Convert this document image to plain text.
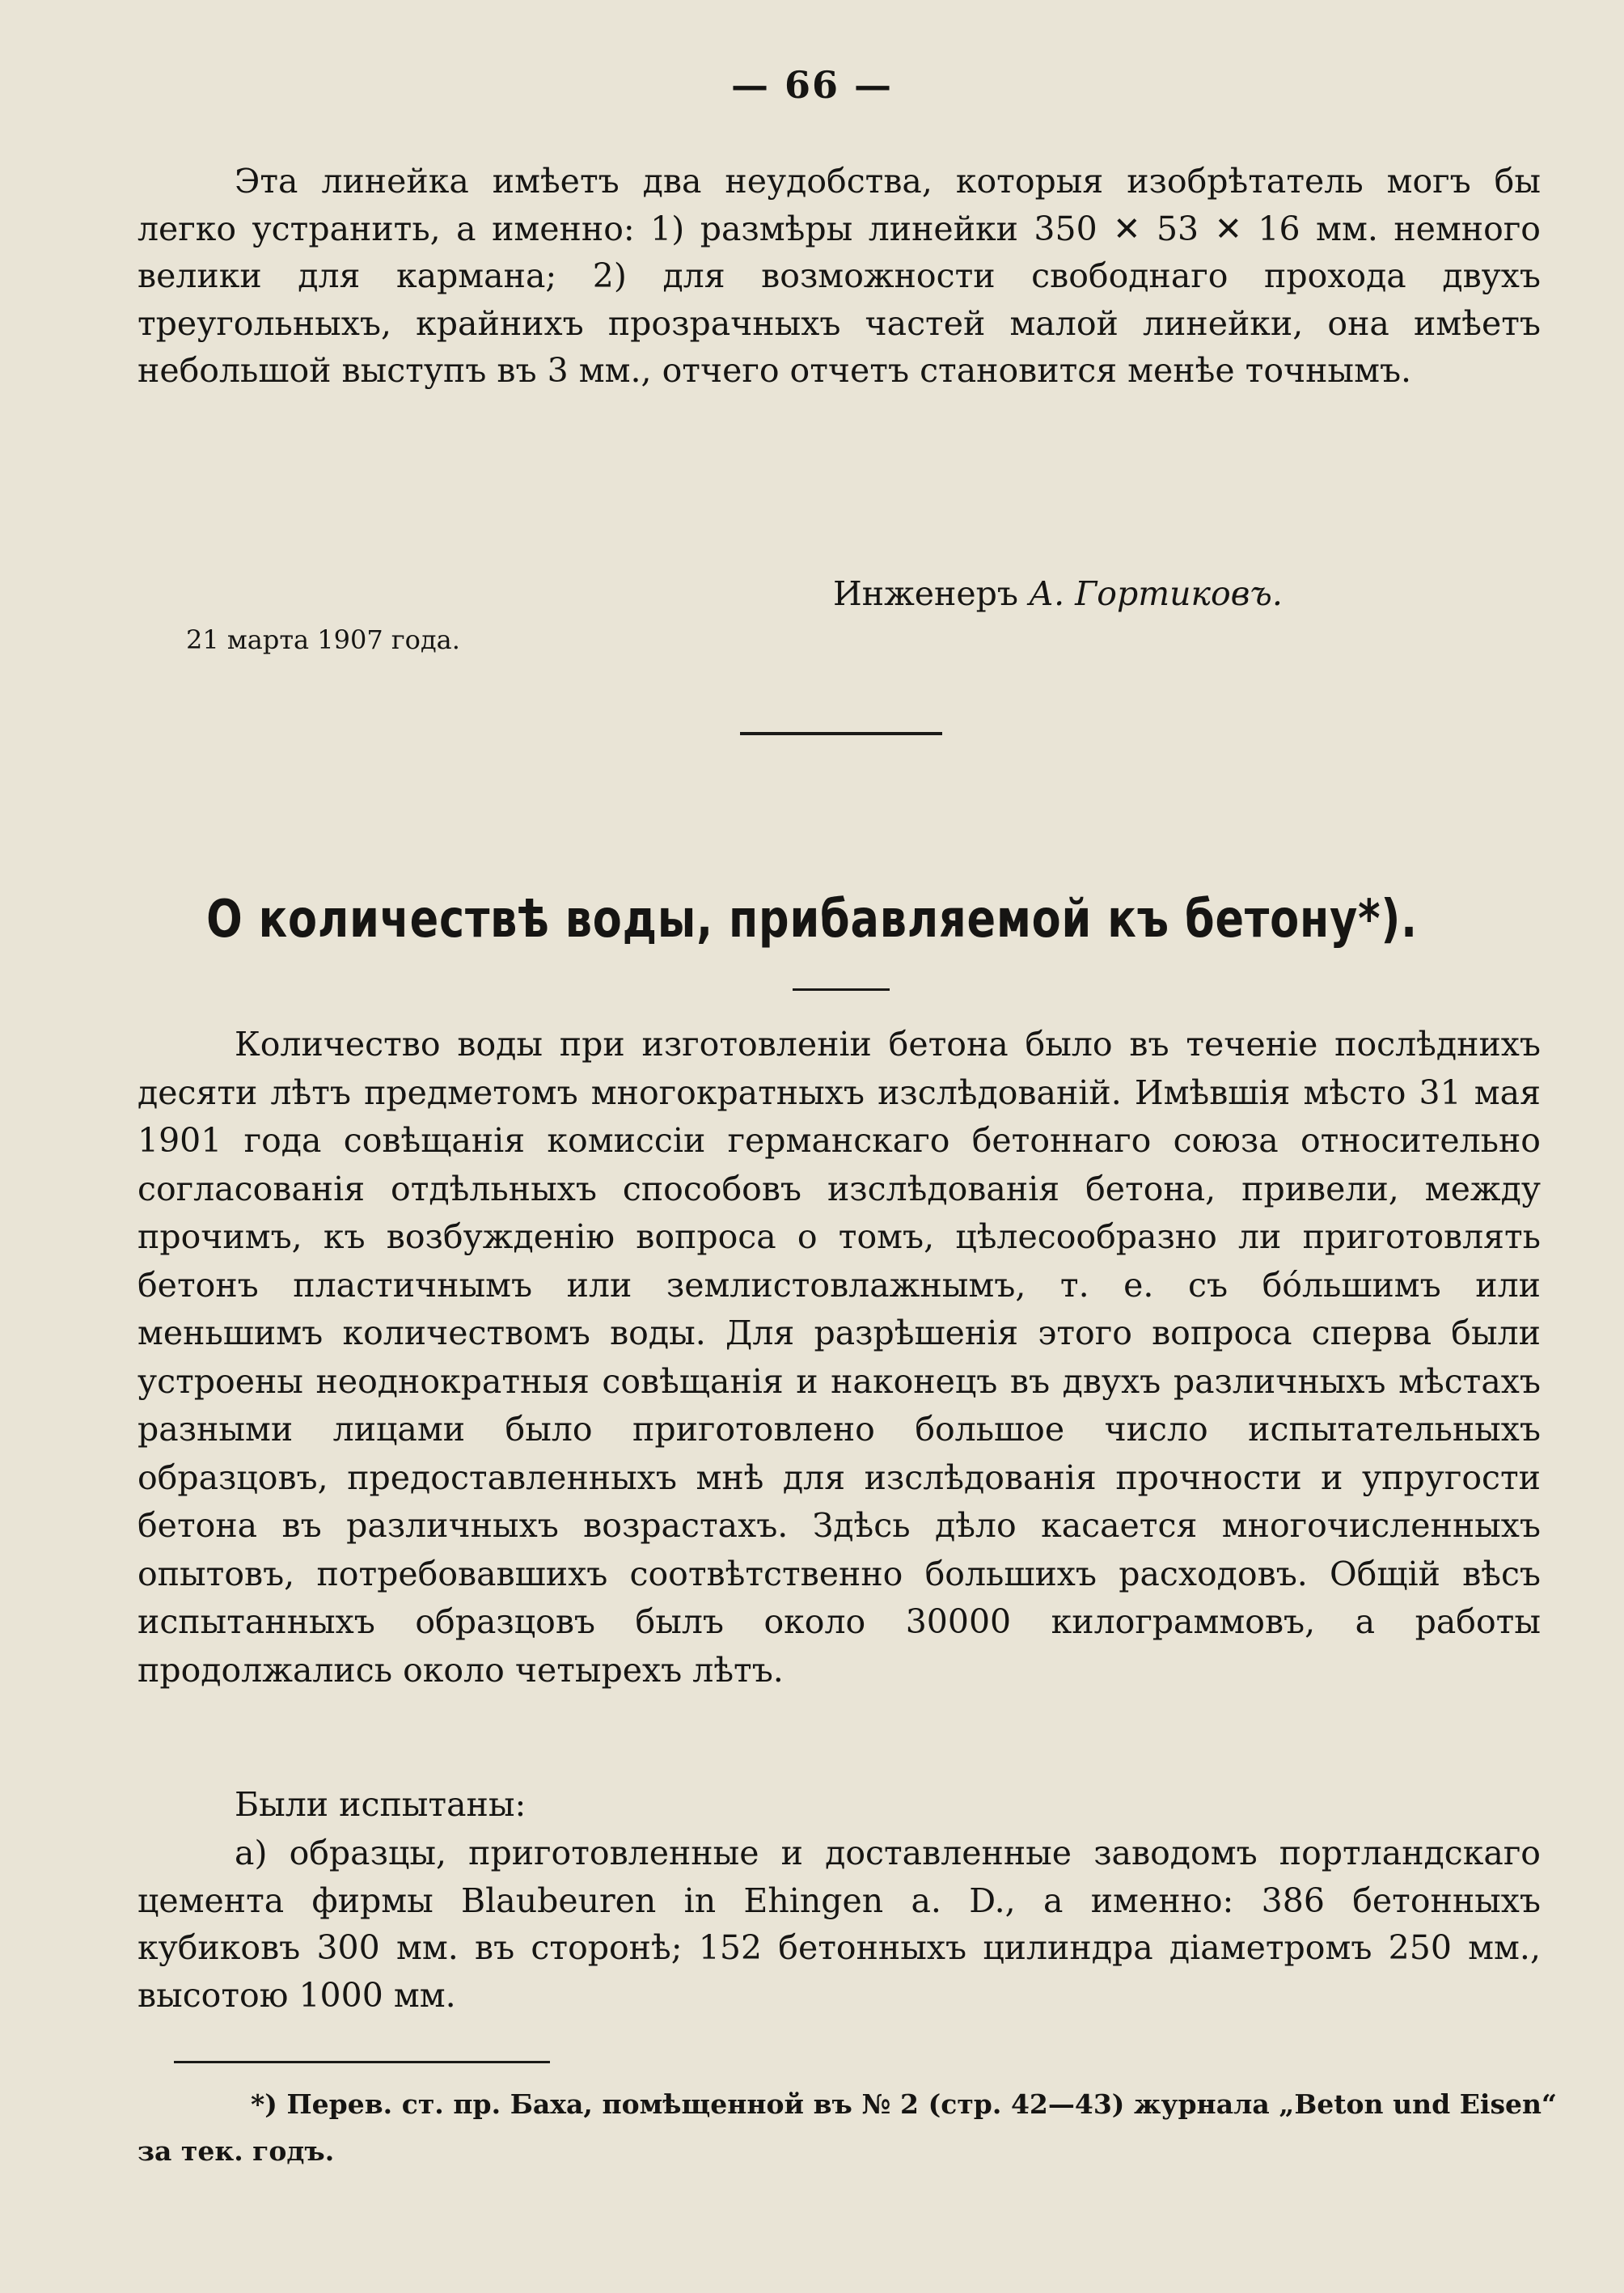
— 66 —

Эта линейка имѣетъ два неудобства, которыя изобрѣтатель могъ бы легко устранить, а именно: 1) размѣры линейки 350 ✕ 53 ✕ 16 мм. немного велики для кармана; 2) для возможности свободнаго прохода двухъ треугольныхъ, крайнихъ прозрачныхъ частей малой линейки, она имѣетъ небольшой выступъ въ 3 мм., отчего отчетъ становится менѣе точнымъ.

Инженеръ А. Гортиковъ.
21 марта 1907 года.
О количествѣ воды, прибавляемой къ бетону*).

Количество воды при изготовленіи бетона было въ теченіе послѣднихъ десяти лѣтъ предметомъ многократныхъ изслѣдованій. Имѣвшія мѣсто 31 мая 1901 года совѣщанія комиссіи германскаго бетоннаго союза относительно согласованія отдѣльныхъ способовъ изслѣдованія бетона, привели, между прочимъ, къ возбужденію вопроса о томъ, цѣлесообразно ли приготовлять бетонъ пластичнымъ или землистовлажнымъ, т. е. съ бóльшимъ или меньшимъ количествомъ воды. Для разрѣшенія этого вопроса сперва были устроены неоднократныя совѣщанія и наконецъ въ двухъ различныхъ мѣстахъ разными лицами было приготовлено большое число испытательныхъ образцовъ, предоставленныхъ мнѣ для изслѣдованія прочности и упругости бетона въ различныхъ возрастахъ. Здѣсь дѣло касается многочисленныхъ опытовъ, потребовавшихъ соотвѣтственно большихъ расходовъ. Общій вѣсъ испытанныхъ образцовъ былъ около 30000 килограммовъ, а работы продолжались около четырехъ лѣтъ.

Были испытаны:

а) образцы, приготовленные и доставленные заводомъ портландскаго цемента фирмы Blaubeuren in Ehingen a. D., а именно: 386 бетонныхъ кубиковъ 300 мм. въ сторонѣ; 152 бетонныхъ цилиндра діаметромъ 250 мм., высотою 1000 мм.

*) Перев. ст. пр. Баха, помѣщенной въ № 2 (стр. 42—43) журнала „Beton und Eisen“ за тек. годъ.
